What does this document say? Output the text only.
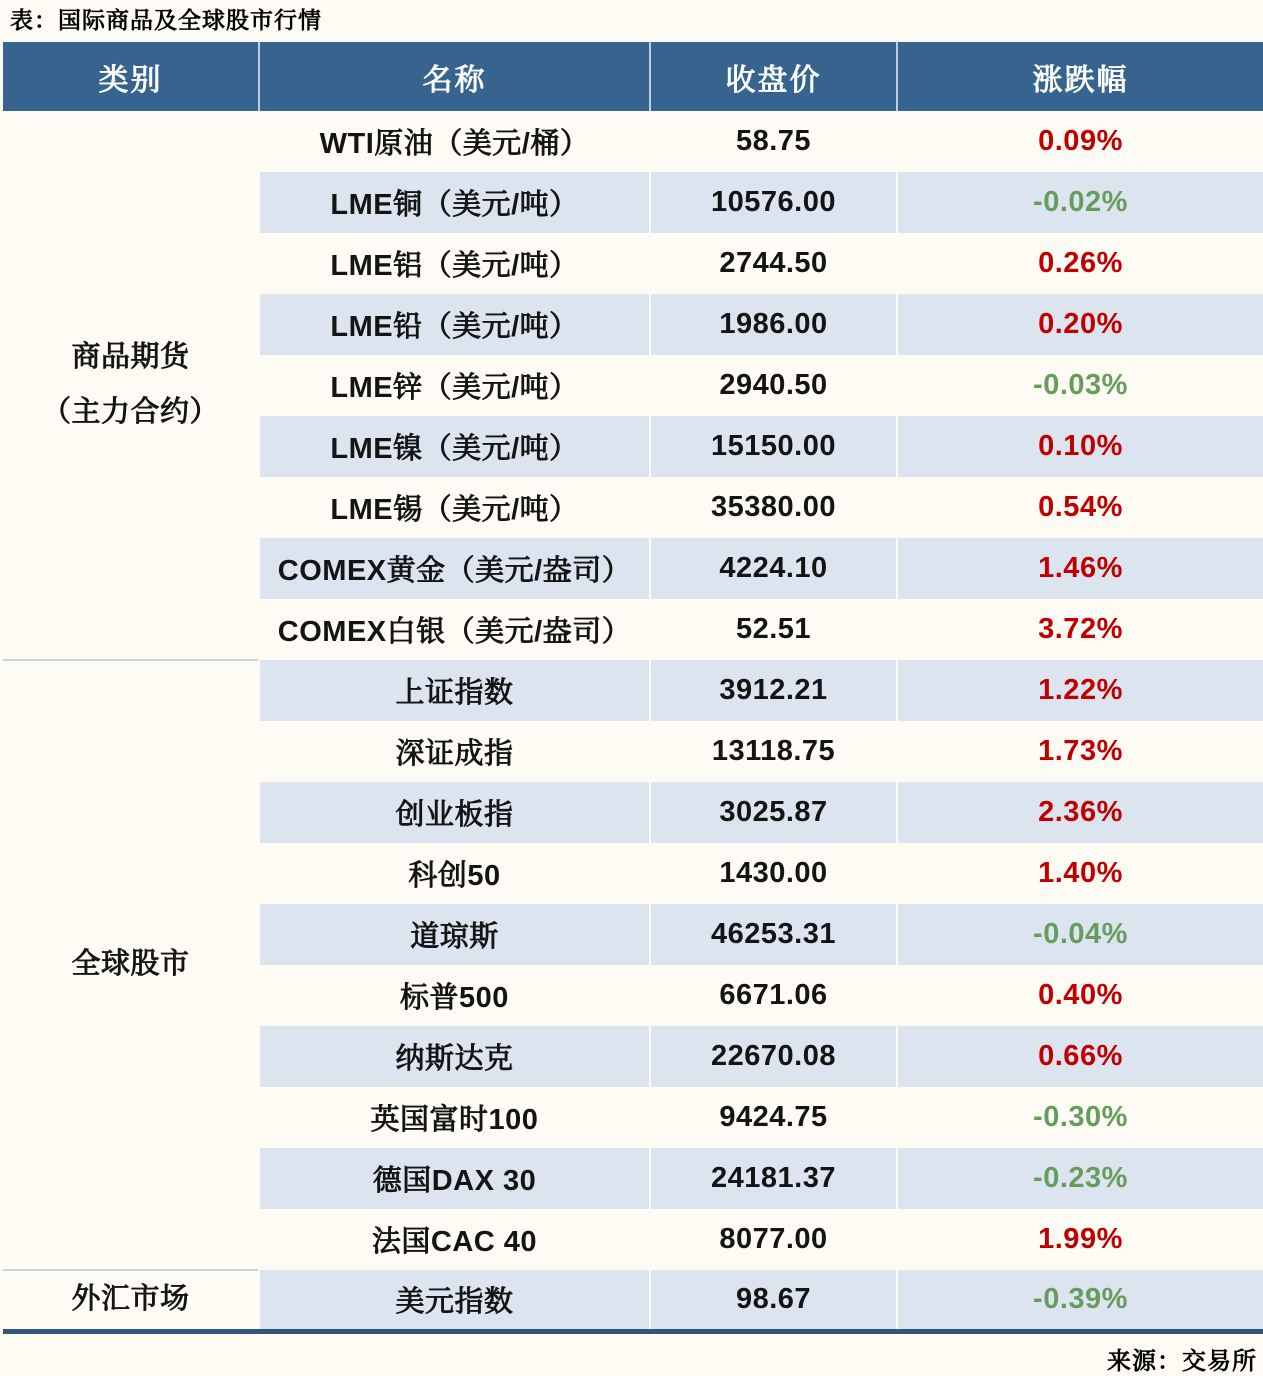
表：国际商品及全球股市行情
类别	名称	收盘价	涨跌幅

商品期货
（主力合约）	WTI原油（美元/桶）	58.75	0.09%
	LME铜（美元/吨）	10576.00	-0.02%
	LME铝（美元/吨）	2744.50	0.26%
	LME铅（美元/吨）	1986.00	0.20%
	LME锌（美元/吨）	2940.50	-0.03%
	LME镍（美元/吨）	15150.00	0.10%
	LME锡（美元/吨）	35380.00	0.54%
	COMEX黄金（美元/盎司）	4224.10	1.46%
	COMEX白银（美元/盎司）	52.51	3.72%

全球股市	上证指数	3912.21	1.22%
	深证成指	13118.75	1.73%
	创业板指	3025.87	2.36%
	科创50	1430.00	1.40%
	道琼斯	46253.31	-0.04%
	标普500	6671.06	0.40%
	纳斯达克	22670.08	0.66%
	英国富时100	9424.75	-0.30%
	德国DAX 30	24181.37	-0.23%
	法国CAC 40	8077.00	1.99%

外汇市场	美元指数	98.67	-0.39%
来源：交易所
